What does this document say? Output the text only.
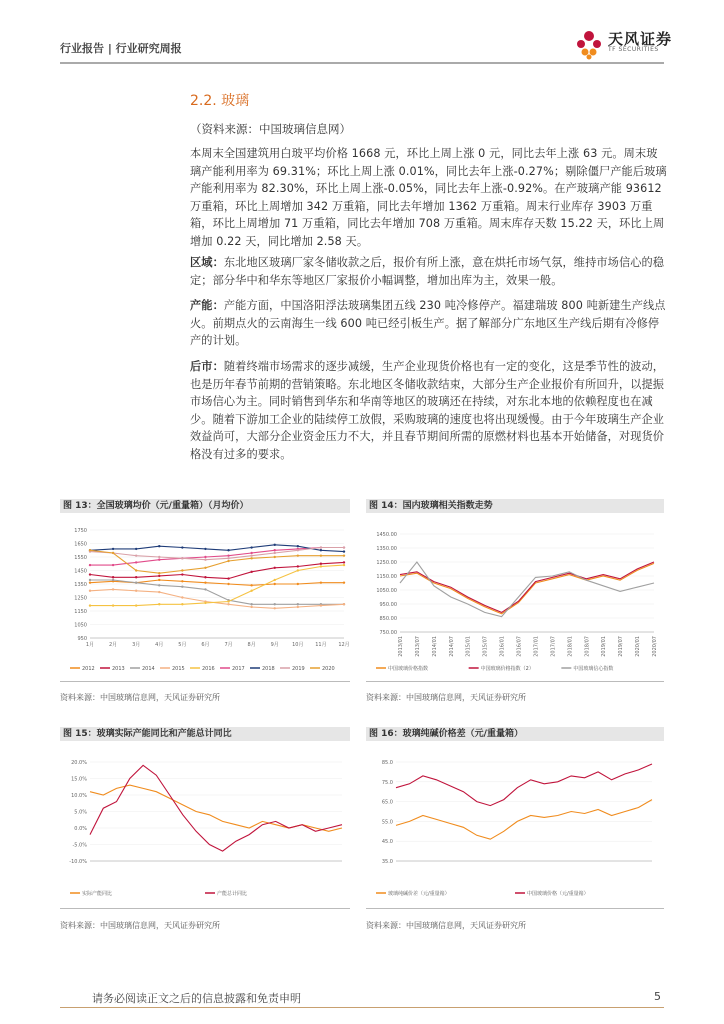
行业报告 | 行业研究周报
天风证券
TF SECURITIES
2.2. 玻璃
（资料来源：中国玻璃信息网）

本周末全国建筑用白玻平均价格 1668 元，环比上周上涨 0 元，同比去年上涨 63 元。周末玻璃产能利用率为 69.31%；环比上周上涨 0.01%，同比去年上涨-0.27%；剔除僵尸产能后玻璃产能利用率为 82.30%，环比上周上涨-0.05%，同比去年上涨-0.92%。在产玻璃产能 93612 万重箱，环比上周增加 342 万重箱，同比去年增加 1362 万重箱。周末行业库存 3903 万重箱，环比上周增加 71 万重箱，同比去年增加 708 万重箱。周末库存天数 15.22 天，环比上周增加 0.22 天，同比增加 2.58 天。

区域：东北地区玻璃厂家冬储收款之后，报价有所上涨，意在烘托市场气氛，维持市场信心的稳定；部分华中和华东等地区厂家报价小幅调整，增加出库为主，效果一般。

产能：产能方面，中国洛阳浮法玻璃集团五线 230 吨冷修停产。福建瑞玻 800 吨新建生产线点火。前期点火的云南海生一线 600 吨已经引板生产。据了解部分广东地区生产线后期有冷修停产的计划。

后市：随着终端市场需求的逐步减缓，生产企业现货价格也有一定的变化，这是季节性的波动，也是历年春节前期的营销策略。东北地区冬储收款结束，大部分生产企业报价有所回升，以提振市场信心为主。同时销售到华东和华南等地区的玻璃还在持续，对东北本地的依赖程度也在减少。随着下游加工企业的陆续停工放假，采购玻璃的速度也将出现缓慢。由于今年玻璃生产企业效益尚可，大部分企业资金压力不大，并且春节期间所需的原燃材料也基本开始储备，对现货价格没有过多的要求。

图 13：全国玻璃均价（元/重量箱）（月均价）
950
1050
1150
1250
1350
1450
1550
1650
1750
1月	2月	3月	4月	5月	6月	7月	8月	9月	10月 11月 12月
2012	2013	2014	2015	2016	2017	2018	2019	2020
资料来源：中国玻璃信息网，天风证券研究所
图 14：国内玻璃相关指数走势
750.00
850.00
950.00
1050.00
1150.00
1250.00
1350.00
1450.00
2013/01 2013/07 2014/01 2014/07 2015/01 2015/07 2016/01 2016/07 2017/01 2017/07 2018/01 2018/07 2019/01 2019/07 2020/01 2020/07
中国玻璃价格指数	中国玻璃价格指数（2）	中国玻璃信心指数
资料来源：中国玻璃信息网，天风证券研究所
图 15：玻璃实际产能同比和产能总计同比
-10.0%
-5.0%
0.0%
5.0%
10.0%
15.0%
20.0%
实际产能同比	产能总计同比
资料来源：中国玻璃信息网，天风证券研究所
图 16：玻璃纯碱价格差（元/重量箱）
35.0
45.0
55.0
65.0
75.0
85.0
玻璃纯碱价差（元/重量箱）	中国玻璃价格（元/重量箱）
资料来源：中国玻璃信息网，天风证券研究所
请务必阅读正文之后的信息披露和免责申明	5
